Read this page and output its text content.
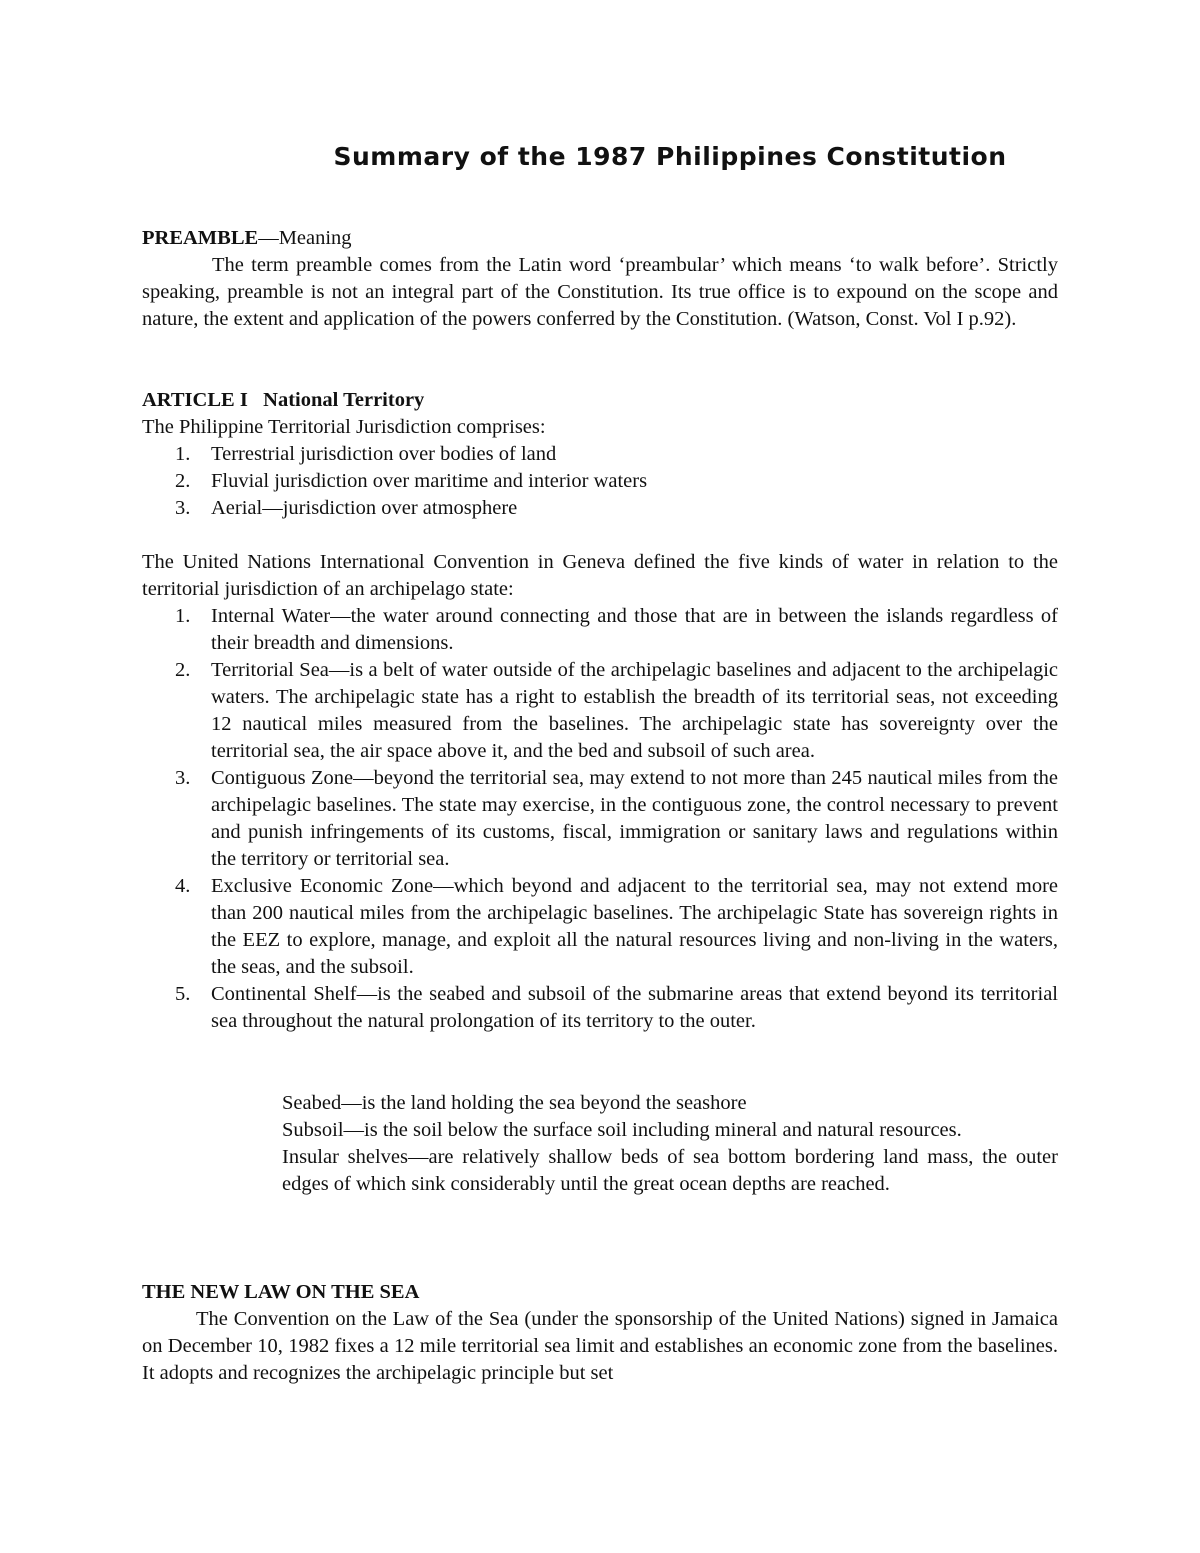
Summary of the 1987 Philippines Constitution

PREAMBLE—Meaning

The term preamble comes from the Latin word ‘preambular’ which means ‘to walk before’. Strictly speaking, preamble is not an integral part of the Constitution. Its true office is to expound on the scope and nature, the extent and application of the powers conferred by the Constitution. (Watson, Const. Vol I p.92).

ARTICLE I   National Territory

The Philippine Territorial Jurisdiction comprises:

1. Terrestrial jurisdiction over bodies of land
2. Fluvial jurisdiction over maritime and interior waters
3. Aerial—jurisdiction over atmosphere

The United Nations International Convention in Geneva defined the five kinds of water in relation to the territorial jurisdiction of an archipelago state:

1. Internal Water—the water around connecting and those that are in between the islands regardless of their breadth and dimensions.
2. Territorial Sea—is a belt of water outside of the archipelagic baselines and adjacent to the archipelagic waters. The archipelagic state has a right to establish the breadth of its territorial seas, not exceeding 12 nautical miles measured from the baselines. The archipelagic state has sovereignty over the territorial sea, the air space above it, and the bed and subsoil of such area.
3. Contiguous Zone—beyond the territorial sea, may extend to not more than 245 nautical miles from the archipelagic baselines. The state may exercise, in the contiguous zone, the control necessary to prevent and punish infringements of its customs, fiscal, immigration or sanitary laws and regulations within the territory or territorial sea.
4. Exclusive Economic Zone—which beyond and adjacent to the territorial sea, may not extend more than 200 nautical miles from the archipelagic baselines. The archipelagic State has sovereign rights in the EEZ to explore, manage, and exploit all the natural resources living and non-living in the waters, the seas, and the subsoil.
5. Continental Shelf—is the seabed and subsoil of the submarine areas that extend beyond its territorial sea throughout the natural prolongation of its territory to the outer.

Seabed—is the land holding the sea beyond the seashore

Subsoil—is the soil below the surface soil including mineral and natural resources.

Insular shelves—are relatively shallow beds of sea bottom bordering land mass, the outer edges of which sink considerably until the great ocean depths are reached.

THE NEW LAW ON THE SEA

The Convention on the Law of the Sea (under the sponsorship of the United Nations) signed in Jamaica on December 10, 1982 fixes a 12 mile territorial sea limit and establishes an economic zone from the baselines. It adopts and recognizes the archipelagic principle but set
